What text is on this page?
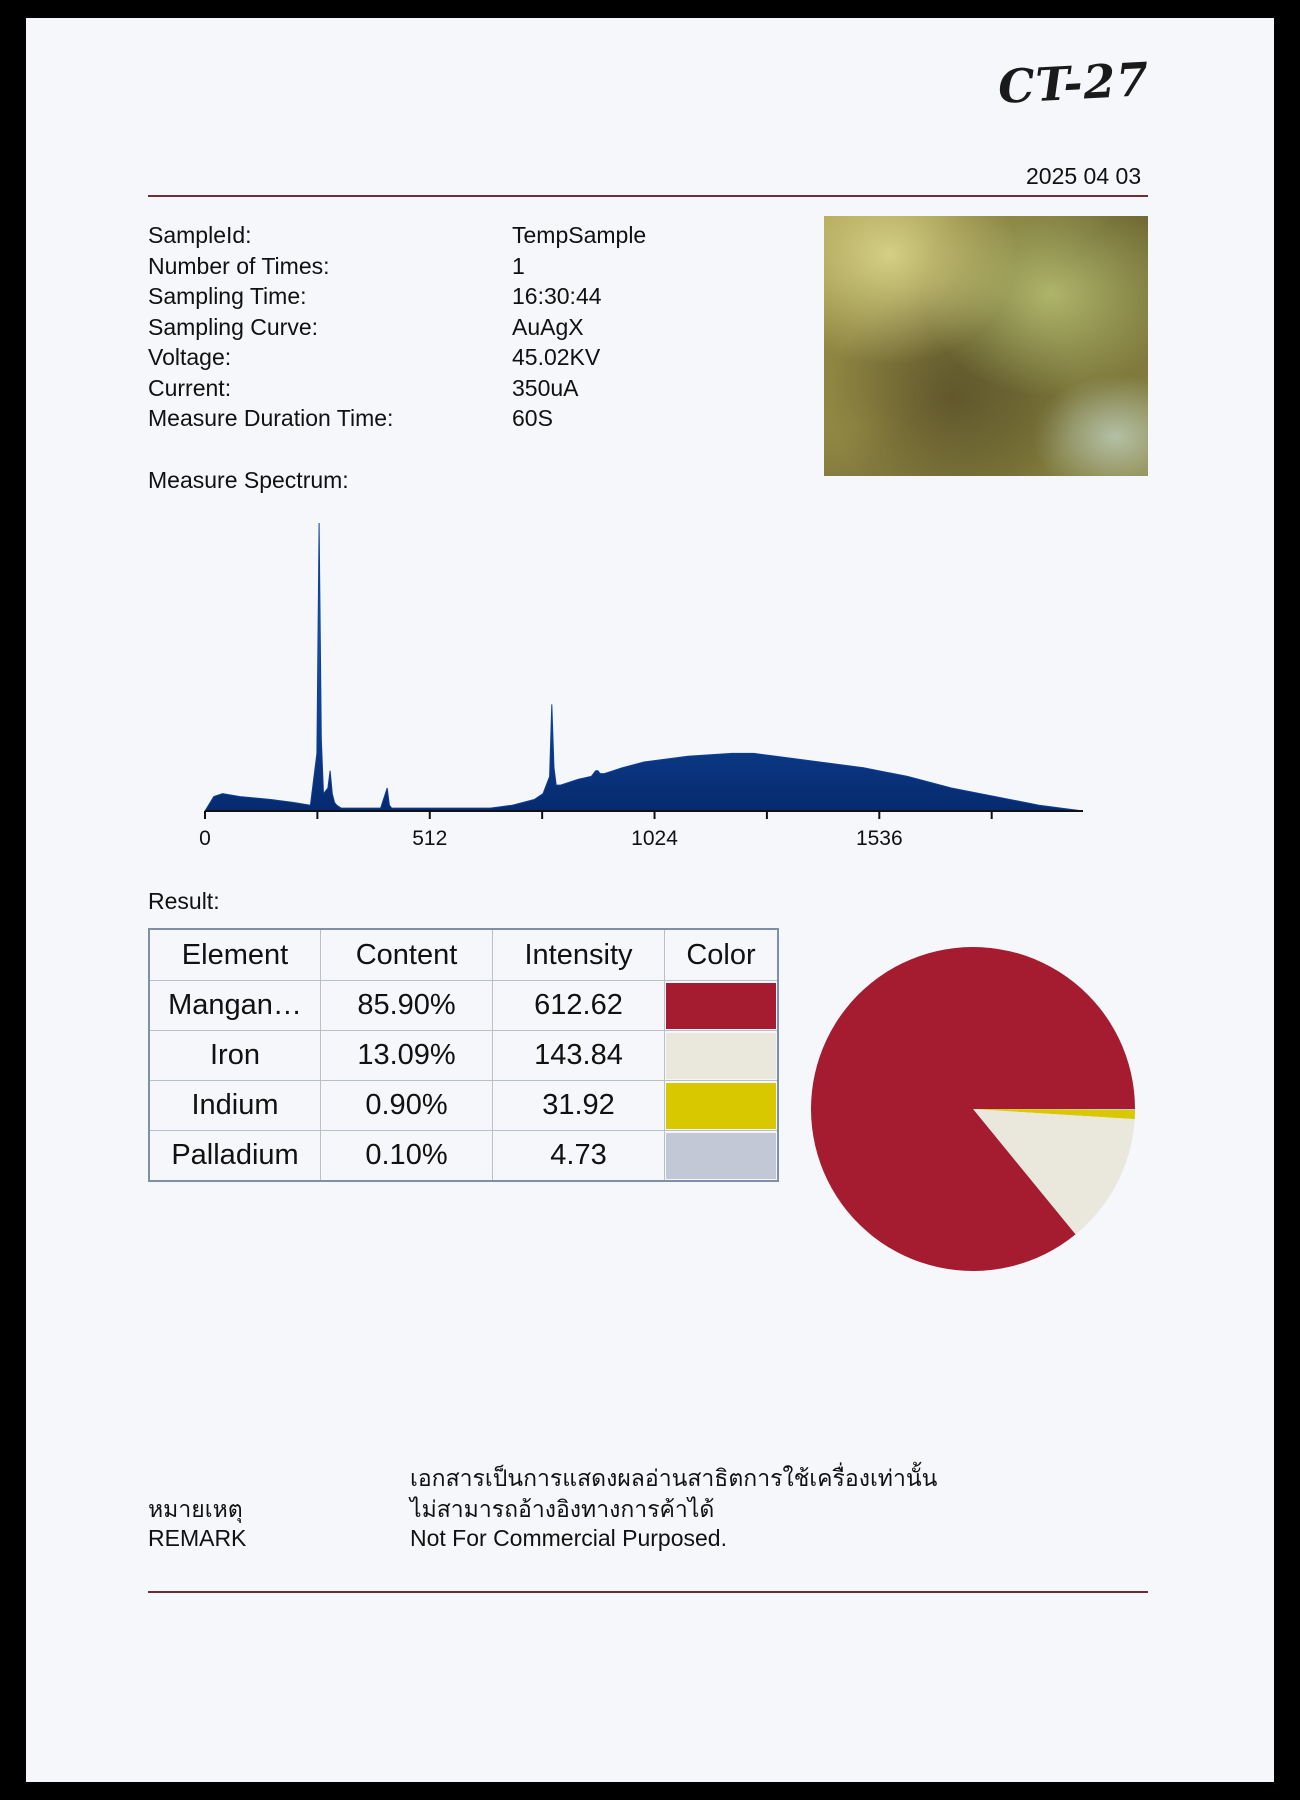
CT-27
2025 04 03
SampleId:	TempSample
Number of Times:	1
Sampling Time:	16:30:44
Sampling Curve:	AuAgX
Voltage:	45.02KV
Current:	350uA
Measure Duration Time:	60S
Measure Spectrum:
0	512	1024	1536
Result:
Element	Content	Intensity	Color
Mangan…	85.90%	612.62	

Iron	13.09%	143.84	

Indium	0.90%	31.92	

Palladium	0.10%	4.73	
เอกสารเป็นการแสดงผลอ่านสาธิตการใช้เครื่องเท่านั้น
หมายเหตุ	ไม่สามารถอ้างอิงทางการค้าได้
REMARK	Not For Commercial Purposed.
